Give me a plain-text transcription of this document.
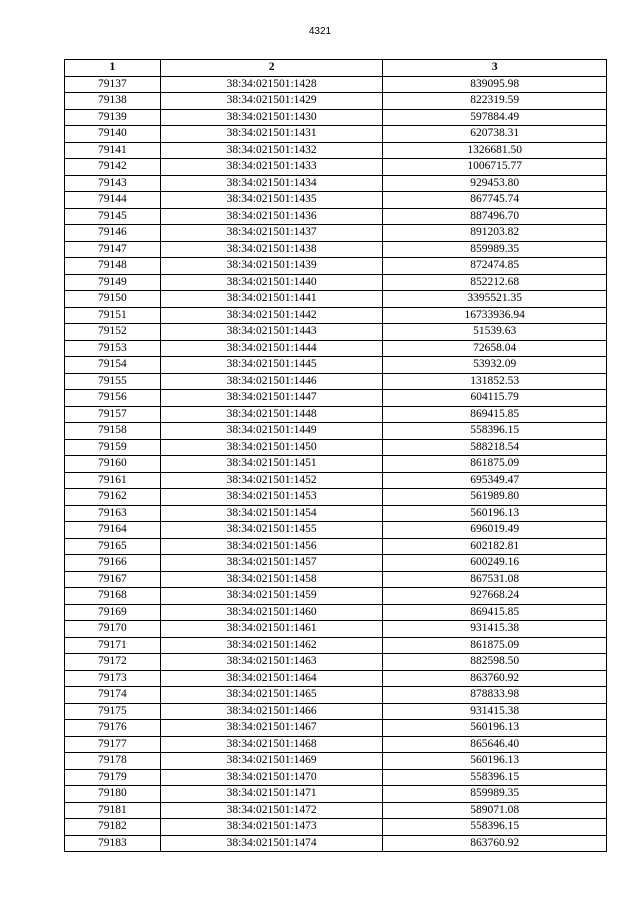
4321
1	2	3
79137	38:34:021501:1428	839095.98
79138	38:34:021501:1429	822319.59
79139	38:34:021501:1430	597884.49
79140	38:34:021501:1431	620738.31
79141	38:34:021501:1432	1326681.50
79142	38:34:021501:1433	1006715.77
79143	38:34:021501:1434	929453.80
79144	38:34:021501:1435	867745.74
79145	38:34:021501:1436	887496.70
79146	38:34:021501:1437	891203.82
79147	38:34:021501:1438	859989.35
79148	38:34:021501:1439	872474.85
79149	38:34:021501:1440	852212.68
79150	38:34:021501:1441	3395521.35
79151	38:34:021501:1442	16733936.94
79152	38:34:021501:1443	51539.63
79153	38:34:021501:1444	72658.04
79154	38:34:021501:1445	53932.09
79155	38:34:021501:1446	131852.53
79156	38:34:021501:1447	604115.79
79157	38:34:021501:1448	869415.85
79158	38:34:021501:1449	558396.15
79159	38:34:021501:1450	588218.54
79160	38:34:021501:1451	861875.09
79161	38:34:021501:1452	695349.47
79162	38:34:021501:1453	561989.80
79163	38:34:021501:1454	560196.13
79164	38:34:021501:1455	696019.49
79165	38:34:021501:1456	602182.81
79166	38:34:021501:1457	600249.16
79167	38:34:021501:1458	867531.08
79168	38:34:021501:1459	927668.24
79169	38:34:021501:1460	869415.85
79170	38:34:021501:1461	931415.38
79171	38:34:021501:1462	861875.09
79172	38:34:021501:1463	882598.50
79173	38:34:021501:1464	863760.92
79174	38:34:021501:1465	878833.98
79175	38:34:021501:1466	931415.38
79176	38:34:021501:1467	560196.13
79177	38:34:021501:1468	865646.40
79178	38:34:021501:1469	560196.13
79179	38:34:021501:1470	558396.15
79180	38:34:021501:1471	859989.35
79181	38:34:021501:1472	589071.08
79182	38:34:021501:1473	558396.15
79183	38:34:021501:1474	863760.92
